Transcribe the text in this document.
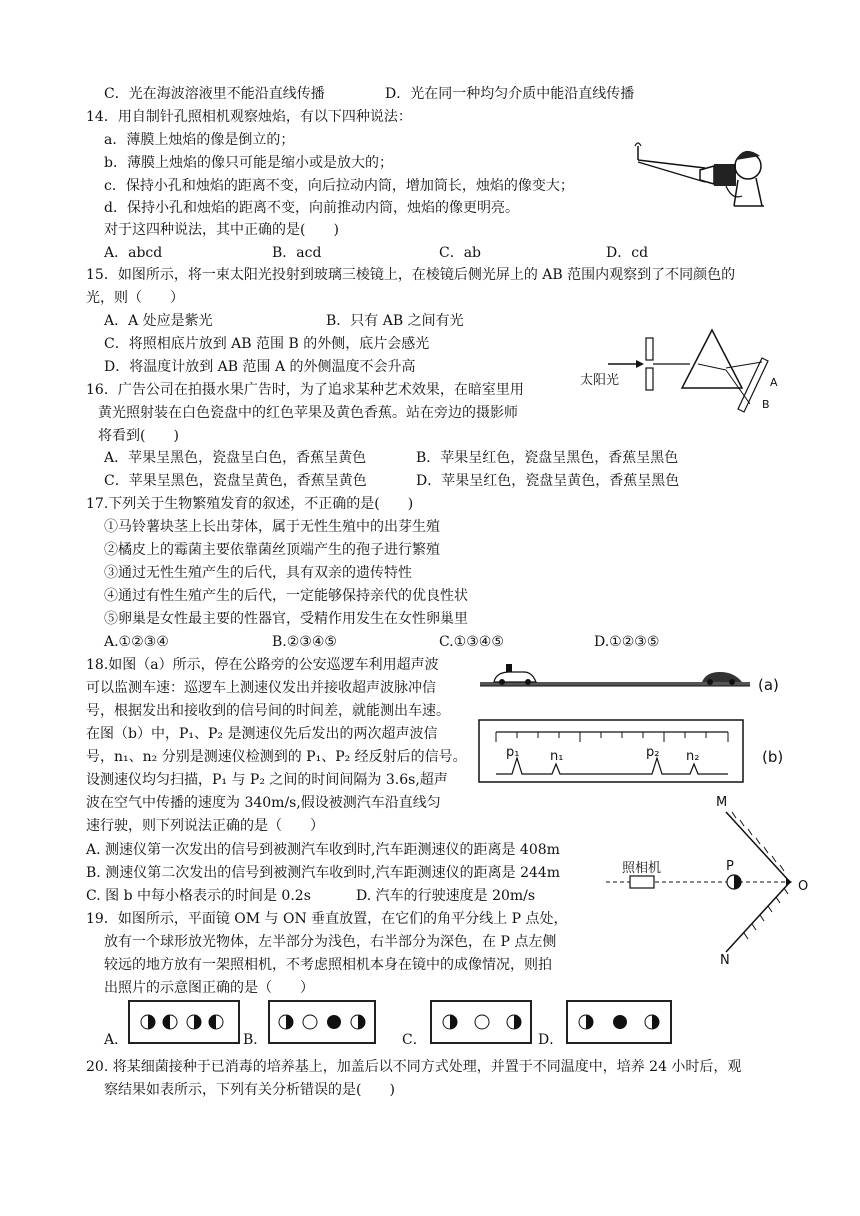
C．光在海波溶液里不能沿直线传播	D．光在同一种均匀介质中能沿直线传播
14．用自制针孔照相机观察烛焰，有以下四种说法：
a．薄膜上烛焰的像是倒立的；
b．薄膜上烛焰的像只可能是缩小或是放大的；
c．保持小孔和烛焰的距离不变，向后拉动内筒，增加筒长，烛焰的像变大；
d．保持小孔和烛焰的距离不变，向前推动内筒，烛焰的像更明亮。
对于这四种说法，其中正确的是(　　)
A．abcd	B．acd	C．ab	D．cd
15．如图所示，将一束太阳光投射到玻璃三棱镜上，在棱镜后侧光屏上的 AB 范围内观察到了不同颜色的
光，则（　　）
A．A 处应是紫光	B．只有 AB 之间有光
C．将照相底片放到 AB 范围 B 的外侧，底片会感光
D．将温度计放到 AB 范围 A 的外侧温度不会升高
太阳光	A
B
16．广告公司在拍摄水果广告时，为了追求某种艺术效果，在暗室里用
黄光照射装在白色瓷盘中的红色苹果及黄色香蕉。站在旁边的摄影师
将看到(　　)
A．苹果呈黑色，瓷盘呈白色，香蕉呈黄色	B．苹果呈红色，瓷盘呈黑色，香蕉呈黑色
C．苹果呈黑色，瓷盘呈黄色，香蕉呈黄色	D．苹果呈红色，瓷盘呈黄色，香蕉呈黑色
17.下列关于生物繁殖发育的叙述，不正确的是(　　)
①马铃薯块茎上长出芽体，属于无性生殖中的出芽生殖
②橘皮上的霉菌主要依靠菌丝顶端产生的孢子进行繁殖
③通过无性生殖产生的后代，具有双亲的遗传特性
④通过有性生殖产生的后代，一定能够保持亲代的优良性状
⑤卵巢是女性最主要的性器官，受精作用发生在女性卵巢里
A.①②③④	B.②③④⑤	C.①③④⑤	D.①②③⑤
18.如图（a）所示，停在公路旁的公安巡逻车利用超声波
可以监测车速：巡逻车上测速仪发出并接收超声波脉冲信
号，根据发出和接收到的信号间的时间差，就能测出车速。
在图（b）中，P₁、P₂ 是测速仪先后发出的两次超声波信
号，n₁、n₂ 分别是测速仪检测到的 P₁、P₂ 经反射后的信号。
设测速仪均匀扫描，P₁ 与 P₂ 之间的时间间隔为 3.6s,超声
波在空气中传播的速度为 340m/s,假设被测汽车沿直线匀
速行驶，则下列说法正确的是（　　）
A. 测速仪第一次发出的信号到被测汽车收到时,汽车距测速仪的距离是 408m
B. 测速仪第二次发出的信号到被测汽车收到时,汽车距测速仪的距离是 244m
C. 图 b 中每小格表示的时间是 0.2s	D. 汽车的行驶速度是 20m/s
(a)
p₁ n₁	p₂ n₂	(b)
M
N
O
照相机	P
19．如图所示，平面镜 OM 与 ON 垂直放置，在它们的角平分线上 P 点处，
放有一个球形放光物体，左半部分为浅色，右半部分为深色，在 P 点左侧
较远的地方放有一架照相机，不考虑照相机本身在镜中的成像情况，则拍
出照片的示意图正确的是（　　）
A．	B．	C．	D．
20. 将某细菌接种于已消毒的培养基上，加盖后以不同方式处理，并置于不同温度中，培养 24 小时后，观
察结果如表所示，下列有关分析错误的是(　　)
